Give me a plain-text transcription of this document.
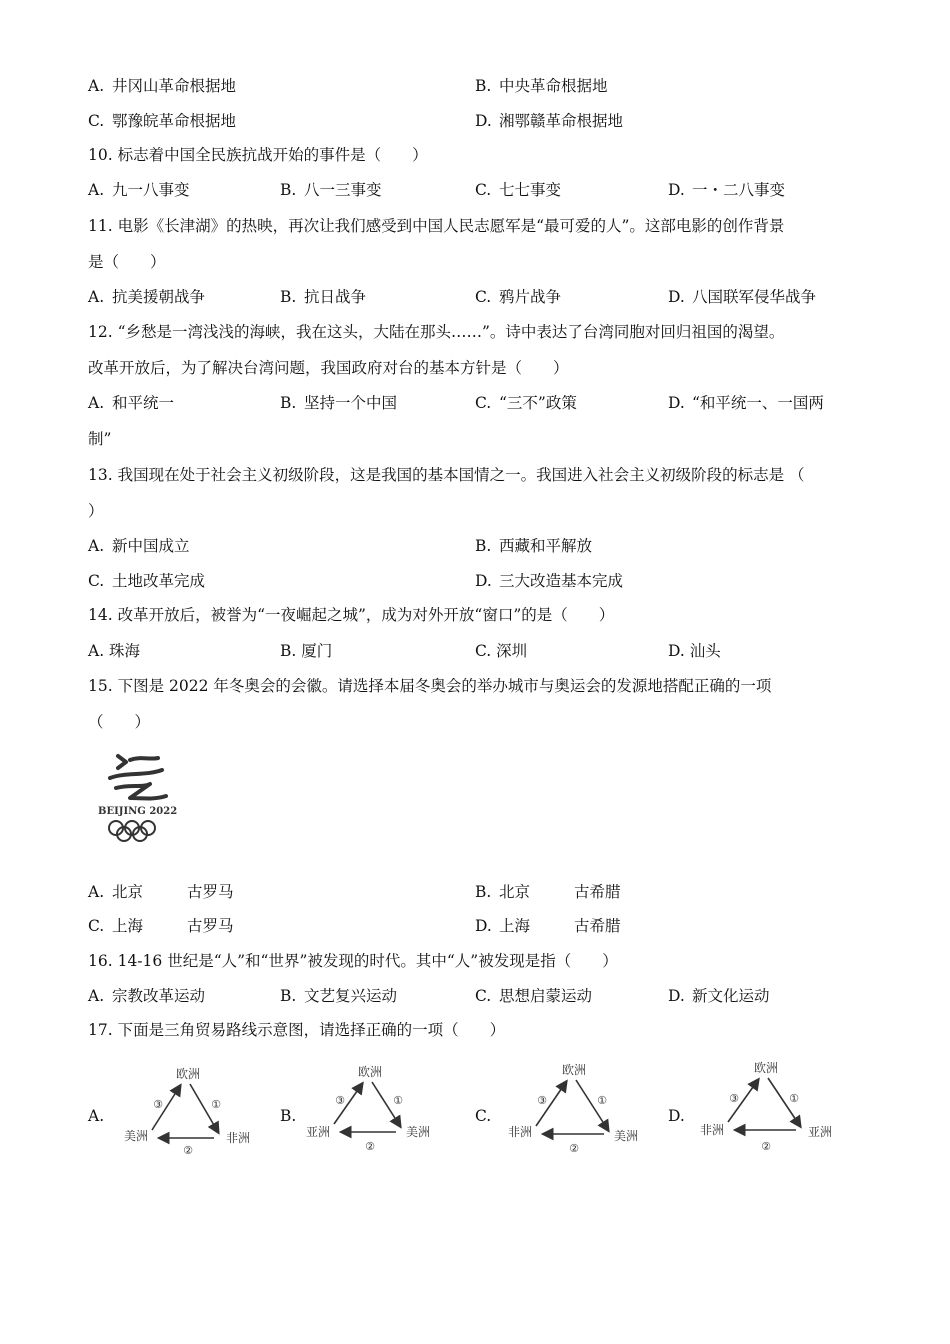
A. 井冈山革命根据地	B. 中央革命根据地
C. 鄂豫皖革命根据地	D. 湘鄂赣革命根据地
10. 标志着中国全民族抗战开始的事件是（　　）
A. 九一八事变	B. 八一三事变	C. 七七事变	D. 一・二八事变
11. 电影《长津湖》的热映，再次让我们感受到中国人民志愿军是“最可爱的人”。这部电影的创作背景
是（　　）
A. 抗美援朝战争	B. 抗日战争	C. 鸦片战争	D. 八国联军侵华战争
12. “乡愁是一湾浅浅的海峡，我在这头，大陆在那头……”。诗中表达了台湾同胞对回归祖国的渴望。
改革开放后，为了解决台湾问题，我国政府对台的基本方针是（　　）
A. 和平统一	B. 坚持一个中国	C. “三不”政策	D. “和平统一、一国两
制”
13. 我国现在处于社会主义初级阶段，这是我国的基本国情之一。我国进入社会主义初级阶段的标志是 （
）
A. 新中国成立	B. 西藏和平解放
C. 土地改革完成	D. 三大改造基本完成
14. 改革开放后，被誉为“一夜崛起之城”，成为对外开放“窗口”的是（　　）
A. 珠海	B. 厦门	C. 深圳	D. 汕头
15. 下图是 2022 年冬奥会的会徽。请选择本届冬奥会的举办城市与奥运会的发源地搭配正确的一项
（　　）
BEIJING 2022
A. 北京	古罗马	B. 北京	古希腊
C. 上海	古罗马	D. 上海	古希腊
16. 14-16 世纪是“人”和“世界”被发现的时代。其中“人”被发现是指（　　）
A. 宗教改革运动	B. 文艺复兴运动	C. 思想启蒙运动	D. 新文化运动
17. 下面是三角贸易路线示意图，请选择正确的一项（　　）
A.
欧洲
美洲	非洲
①
②
③
B.
欧洲
亚洲	美洲
①
②
③
C.
欧洲
非洲	美洲
①
②
③
D.
欧洲
非洲	亚洲
①
②
③
